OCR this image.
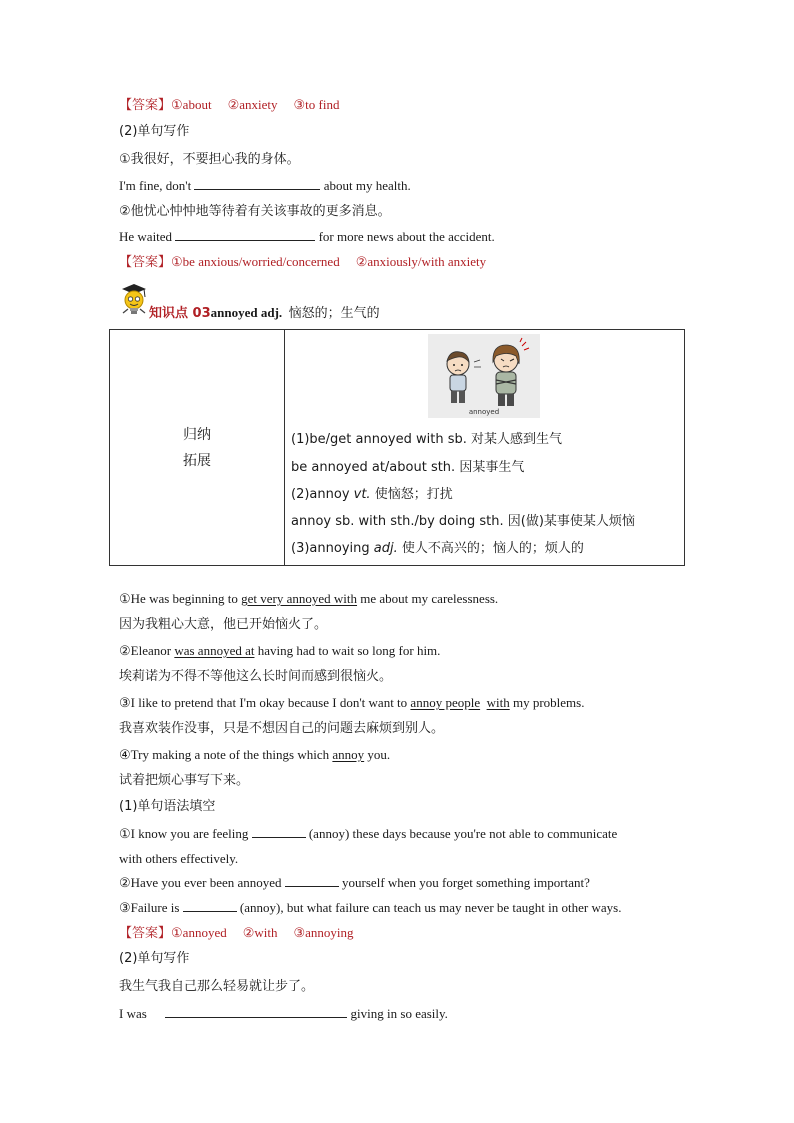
【答案】①about ②anxiety ③to find
(2)单句写作
①我很好，不要担心我的身体。
I'm fine, don't	about my health.
②他忧心忡忡地等待着有关该事故的更多消息。
He waited	for more news about the accident.
【答案】①be anxious/worried/concerned ②anxiously/with anxiety
知识点 03annoyed adj. 恼怒的；生气的
归纳
拓展

annoyed
(1)be/get annoyed with sb. 对某人感到生气
be annoyed at/about sth. 因某事生气
(2)annoy vt. 使恼怒；打扰
annoy sb. with sth./by doing sth. 因(做)某事使某人烦恼
(3)annoying adj. 使人不高兴的；恼人的；烦人的
①He was beginning to get very annoyed with me about my carelessness.
因为我粗心大意，他已开始恼火了。
②Eleanor was annoyed at having had to wait so long for him.
埃莉诺为不得不等他这么长时间而感到很恼火。
③I like to pretend that I'm okay because I don't want to annoy people with my problems.
我喜欢装作没事，只是不想因自己的问题去麻烦到别人。
④Try making a note of the things which annoy you.
试着把烦心事写下来。
(1)单句语法填空
①I know you are feeling	(annoy) these days because you're not able to communicate
with others effectively.
②Have you ever been annoyed	yourself when you forget something important?
③Failure is	(annoy), but what failure can teach us may never be taught in other ways.
【答案】①annoyed ②with ③annoying
(2)单句写作
我生气我自己那么轻易就让步了。
I was	giving in so easily.
